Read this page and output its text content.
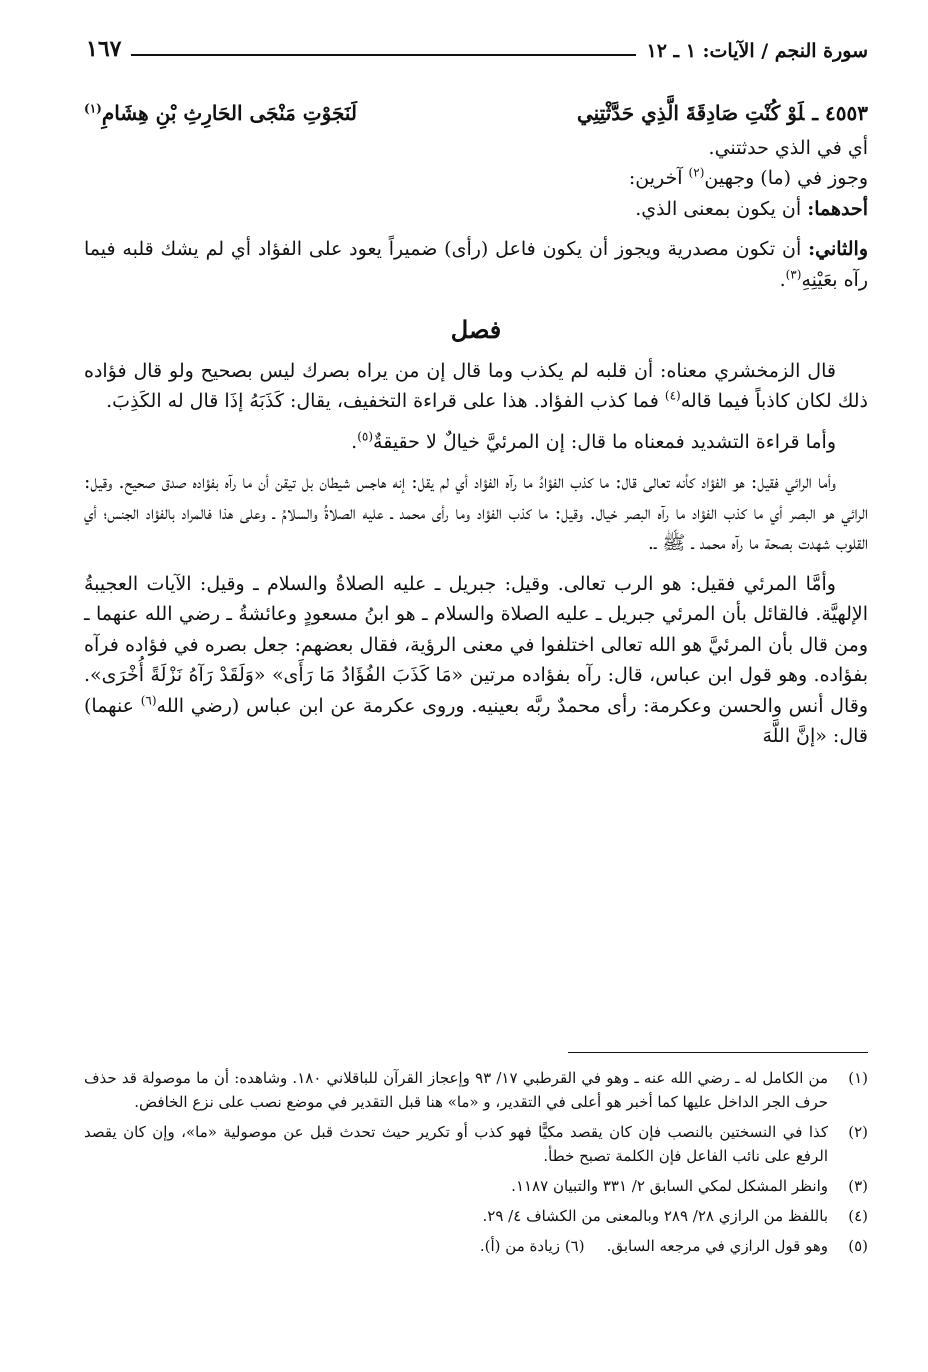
سورة النجم / الآيات: ١ ـ ١٢
١٦٧
٤٥٥٣ ـلَوْ كُنْتِ صَادِقَةَ الَّذِي حَدَّثْتِنِي
لَنَجَوْتِ مَنْجَى الحَارِثِ بْنِ هِشَامِ$^{(١)}$

أي في الذي حدثتني.

وجوز في (ما) وجهين$^{(٢)}$ آخرين:

أحدهما: أن يكون بمعنى الذي.

والثاني: أن تكون مصدرية ويجوز أن يكون فاعل (رأى) ضميراً يعود على الفؤاد أي لم يشك قلبه فيما رآه بعَيْنِهِ$^{(٣)}$.

فصل

قال الزمخشري معناه: أن قلبه لم يكذب وما قال إن من يراه بصرك ليس بصحيح ولو قال فؤاده ذلك لكان كاذباً فيما قاله$^{(٤)}$ فما كذب الفؤاد. هذا على قراءة التخفيف، يقال: كَذَبَهُ إذَا قال له الكَذِبَ.

وأما قراءة التشديد فمعناه ما قال: إن المرئيَّ خيالٌ لا حقيقةٌ$^{(٥)}$.

وأما الرائي فقيل: هو الفؤاد كأنه تعالى قال: ما كذب الفؤادُ ما رآه الفؤاد أي لم يقل: إنه هاجس شيطان بل تيقن أن ما رآه بفؤاده صدق صحيح. وقيل: الرائي هو البصر أي ما كذب الفؤاد ما رآه البصر خيال. وقيل: ما كذب الفؤاد وما رأى محمد ـ عليه الصلاةُ والسلامُ ـ وعلى هذا فالمراد بالفؤاد الجنس؛ أي القلوب شهدت بصحة ما رآه محمد ـ ﷺ ـ.

وأمَّا المرئي فقيل: هو الرب تعالى. وقيل: جبريل ـ عليه الصلاةُ والسلام ـ وقيل: الآيات العجيبةُ الإلهيَّة. فالقائل بأن المرئي جبريل ـ عليه الصلاة والسلام ـ هو ابنُ مسعودٍ وعائشةُ ـ رضي الله عنهما ـ ومن قال بأن المرئيَّ هو الله تعالى اختلفوا في معنى الرؤية، فقال بعضهم: جعل بصره في فؤاده فرآه بفؤاده. وهو قول ابن عباس، قال: رآه بفؤاده مرتين «مَا كَذَبَ الفُؤَادُ مَا رَأَى» «وَلَقَدْ رَآهُ نَزْلَةً أُخْرَى». وقال أنس والحسن وعكرمة: رأى محمدٌ ربَّه بعينيه. وروى عكرمة عن ابن عباس (رضي الله$^{(٦)}$ عنهما) قال: «إنَّ اللَّهَ

(١)
من الكامل له ـ رضي الله عنه ـ وهو في القرطبي ١٧/ ٩٣ وإعجاز القرآن للباقلاني ١٨٠. وشاهده: أن ما موصولة قد حذف حرف الجر الداخل عليها كما أخبر هو أعلى في التقدير، و «ما» هنا قبل التقدير في موضع نصب على نزع الخافض.
(٢)
كذا في النسختين بالنصب فإن كان يقصد مكيًّا فهو كذب أو تكرير حيث تحدث قبل عن موصولية «ما»، وإن كان يقصد الرفع على نائب الفاعل فإن الكلمة تصبح خطأ.
(٣)
وانظر المشكل لمكي السابق ٢/ ٣٣١ والتبيان ١١٨٧.
(٤)
باللفظ من الرازي ٢٨/ ٢٨٩ وبالمعنى من الكشاف ٤/ ٢٩.
(٥)
وهو قول الرازي في مرجعه السابق.
(٦) زيادة من (أ).
